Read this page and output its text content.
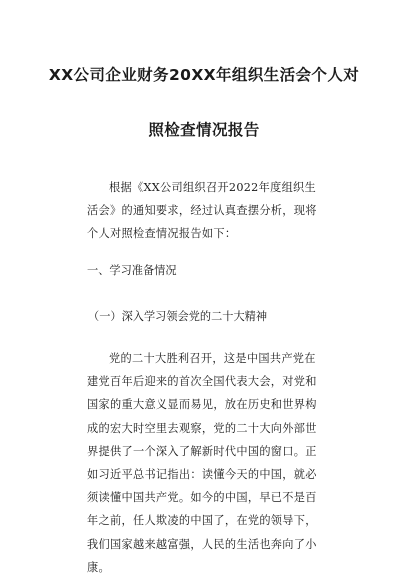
XX公司企业财务20XX年组织生活会个人对
照检查情况报告
根据《XX公司组织召开2022年度组织生活会》的通知要求，经过认真查摆分析，现将个人对照检查情况报告如下：
一、学习准备情况
（一）深入学习领会党的二十大精神
党的二十大胜利召开，这是中国共产党在建党百年后迎来的首次全国代表大会，对党和国家的重大意义显而易见，放在历史和世界构成的宏大时空里去观察，党的二十大向外部世界提供了一个深入了解新时代中国的窗口。正如习近平总书记指出：读懂今天的中国，就必须读懂中国共产党。如今的中国，早已不是百年之前，任人欺凌的中国了，在党的领导下，我们国家越来越富强，人民的生活也奔向了小康。
